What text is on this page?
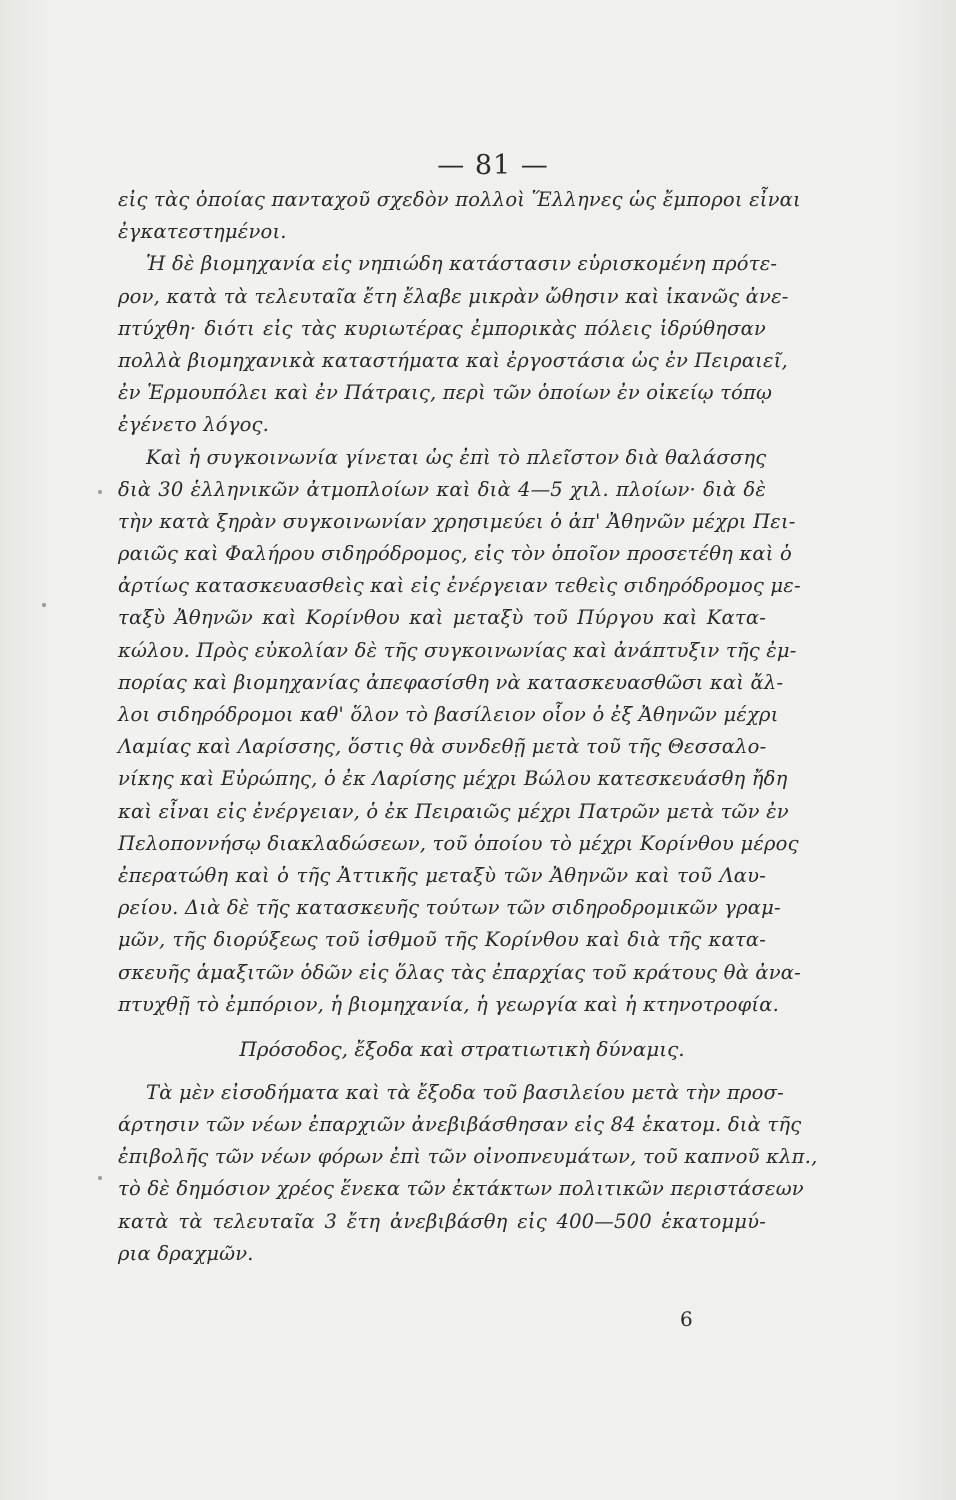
— 81 —
εἰς τὰς ὁποίας πανταχοῦ σχεδὸν πολλοὶ Ἕλληνες ὡς ἔμποροι εἶναι
ἐγκατεστημένοι.
Ἡ δὲ βιομηχανία εἰς νηπιώδη κατάστασιν εὑρισκομένη πρότε-
ρον, κατὰ τὰ τελευταῖα ἔτη ἔλαβε μικρὰν ὤθησιν καὶ ἱκανῶς ἀνε-
πτύχθη· διότι εἰς τὰς κυριωτέρας ἐμπορικὰς πόλεις ἱδρύθησαν
πολλὰ βιομηχανικὰ καταστήματα καὶ ἐργοστάσια ὡς ἐν Πειραιεῖ,
ἐν Ἑρμουπόλει καὶ ἐν Πάτραις, περὶ τῶν ὁποίων ἐν οἰκείῳ τόπῳ
ἐγένετο λόγος.
Καὶ ἡ συγκοινωνία γίνεται ὡς ἐπὶ τὸ πλεῖστον διὰ θαλάσσης
διὰ 30 ἑλληνικῶν ἀτμοπλοίων καὶ διὰ 4—5 χιλ. πλοίων· διὰ δὲ
τὴν κατὰ ξηρὰν συγκοινωνίαν χρησιμεύει ὁ ἀπ' Ἀθηνῶν μέχρι Πει-
ραιῶς καὶ Φαλήρου σιδηρόδρομος, εἰς τὸν ὁποῖον προσετέθη καὶ ὁ
ἀρτίως κατασκευασθεὶς καὶ εἰς ἐνέργειαν τεθεὶς σιδηρόδρομος με-
ταξὺ Ἀθηνῶν καὶ Κορίνθου καὶ μεταξὺ τοῦ Πύργου καὶ Κατα-
κώλου. Πρὸς εὐκολίαν δὲ τῆς συγκοινωνίας καὶ ἀνάπτυξιν τῆς ἐμ-
πορίας καὶ βιομηχανίας ἀπεφασίσθη νὰ κατασκευασθῶσι καὶ ἄλ-
λοι σιδηρόδρομοι καθ' ὅλον τὸ βασίλειον οἷον ὁ ἐξ Ἀθηνῶν μέχρι
Λαμίας καὶ Λαρίσσης, ὅστις θὰ συνδεθῇ μετὰ τοῦ τῆς Θεσσαλο-
νίκης καὶ Εὐρώπης, ὁ ἐκ Λαρίσης μέχρι Βώλου κατεσκευάσθη ἤδη
καὶ εἶναι εἰς ἐνέργειαν, ὁ ἐκ Πειραιῶς μέχρι Πατρῶν μετὰ τῶν ἐν
Πελοποννήσῳ διακλαδώσεων, τοῦ ὁποίου τὸ μέχρι Κορίνθου μέρος
ἐπερατώθη καὶ ὁ τῆς Ἀττικῆς μεταξὺ τῶν Ἀθηνῶν καὶ τοῦ Λαυ-
ρείου. Διὰ δὲ τῆς κατασκευῆς τούτων τῶν σιδηροδρομικῶν γραμ-
μῶν, τῆς διορύξεως τοῦ ἰσθμοῦ τῆς Κορίνθου καὶ διὰ τῆς κατα-
σκευῆς ἁμαξιτῶν ὁδῶν εἰς ὅλας τὰς ἐπαρχίας τοῦ κράτους θὰ ἀνα-
πτυχθῇ τὸ ἐμπόριον, ἡ βιομηχανία, ἡ γεωργία καὶ ἡ κτηνοτροφία.
Πρόσοδος, ἔξοδα καὶ στρατιωτικὴ δύναμις.
Τὰ μὲν εἰσοδήματα καὶ τὰ ἔξοδα τοῦ βασιλείου μετὰ τὴν προσ-
άρτησιν τῶν νέων ἐπαρχιῶν ἀνεβιβάσθησαν εἰς 84 ἑκατομ. διὰ τῆς
ἐπιβολῆς τῶν νέων φόρων ἐπὶ τῶν οἰνοπνευμάτων, τοῦ καπνοῦ κλπ.,
τὸ δὲ δημόσιον χρέος ἕνεκα τῶν ἐκτάκτων πολιτικῶν περιστάσεων
κατὰ τὰ τελευταῖα 3 ἔτη ἀνεβιβάσθη εἰς 400—500 ἑκατομμύ-
ρια δραχμῶν.
6
